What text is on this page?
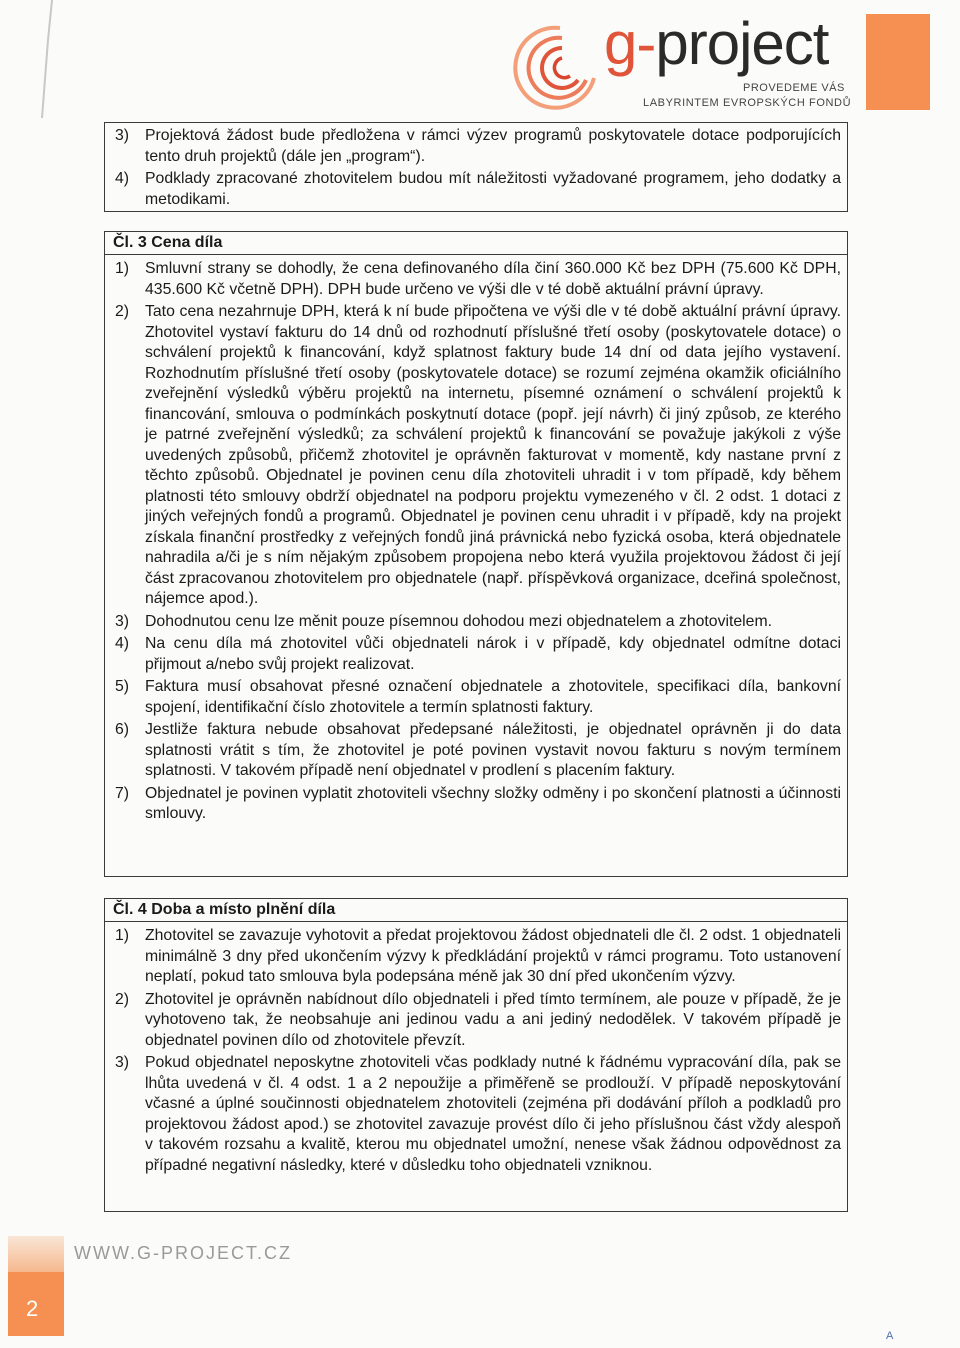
g-project
PROVEDEME VÁS
LABYRINTEM EVROPSKÝCH FONDŮ
3) Projektová žádost bude předložena v rámci výzev programů poskytovatele dotace podporujících tento druh projektů (dále jen „program“).
4) Podklady zpracované zhotovitelem budou mít náležitosti vyžadované programem, jeho dodatky a metodikami.
Čl. 3 Cena díla
1) Smluvní strany se dohodly, že cena definovaného díla činí 360.000 Kč bez DPH (75.600 Kč DPH, 435.600 Kč včetně DPH). DPH bude určeno ve výši dle v té době aktuální právní úpravy.
2) Tato cena nezahrnuje DPH, která k ní bude připočtena ve výši dle v té době aktuální právní úpravy. Zhotovitel vystaví fakturu do 14 dnů od rozhodnutí příslušné třetí osoby (poskytovatele dotace) o schválení projektů k financování, když splatnost faktury bude 14 dní od data jejího vystavení. Rozhodnutím příslušné třetí osoby (poskytovatele dotace) se rozumí zejména okamžik oficiálního zveřejnění výsledků výběru projektů na internetu, písemné oznámení o schválení projektů k financování, smlouva o podmínkách poskytnutí dotace (popř. její návrh) či jiný způsob, ze kterého je patrné zveřejnění výsledků; za schválení projektů k financování se považuje jakýkoli z výše uvedených způsobů, přičemž zhotovitel je oprávněn fakturovat v momentě, kdy nastane první z těchto způsobů. Objednatel je povinen cenu díla zhotoviteli uhradit i v tom případě, kdy během platnosti této smlouvy obdrží objednatel na podporu projektu vymezeného v čl. 2 odst. 1 dotaci z jiných veřejných fondů a programů. Objednatel je povinen cenu uhradit i v případě, kdy na projekt získala finanční prostředky z veřejných fondů jiná právnická nebo fyzická osoba, která objednatele nahradila a/či je s ním nějakým způsobem propojena nebo která využila projektovou žádost či její část zpracovanou zhotovitelem pro objednatele (např. příspěvková organizace, dceřiná společnost, nájemce apod.).
3) Dohodnutou cenu lze měnit pouze písemnou dohodou mezi objednatelem a zhotovitelem.
4) Na cenu díla má zhotovitel vůči objednateli nárok i v případě, kdy objednatel odmítne dotaci přijmout a/nebo svůj projekt realizovat.
5) Faktura musí obsahovat přesné označení objednatele a zhotovitele, specifikaci díla, bankovní spojení, identifikační číslo zhotovitele a termín splatnosti faktury.
6) Jestliže faktura nebude obsahovat předepsané náležitosti, je objednatel oprávněn ji do data splatnosti vrátit s tím, že zhotovitel je poté povinen vystavit novou fakturu s novým termínem splatnosti. V takovém případě není objednatel v prodlení s placením faktury.
7) Objednatel je povinen vyplatit zhotoviteli všechny složky odměny i po skončení platnosti a účinnosti smlouvy.
Čl. 4 Doba a místo plnění díla
1) Zhotovitel se zavazuje vyhotovit a předat projektovou žádost objednateli dle čl. 2 odst. 1 objednateli minimálně 3 dny před ukončením výzvy k předkládání projektů v rámci programu. Toto ustanovení neplatí, pokud tato smlouva byla podepsána méně jak 30 dní před ukončením výzvy.
2) Zhotovitel je oprávněn nabídnout dílo objednateli i před tímto termínem, ale pouze v případě, že je vyhotoveno tak, že neobsahuje ani jedinou vadu a ani jediný nedodělek. V takovém případě je objednatel povinen dílo od zhotovitele převzít.
3) Pokud objednatel neposkytne zhotoviteli včas podklady nutné k řádnému vypracování díla, pak se lhůta uvedená v čl. 4 odst. 1 a 2 nepoužije a přiměřeně se prodlouží. V případě neposkytování včasné a úplné součinnosti objednatelem zhotoviteli (zejména při dodávání příloh a podkladů pro projektovou žádost apod.) se zhotovitel zavazuje provést dílo či jeho příslušnou část vždy alespoň v takovém rozsahu a kvalitě, kterou mu objednatel umožní, nenese však žádnou odpovědnost za případné negativní následky, které v důsledku toho objednateli vzniknou.
WWW.G-PROJECT.CZ
2
A
